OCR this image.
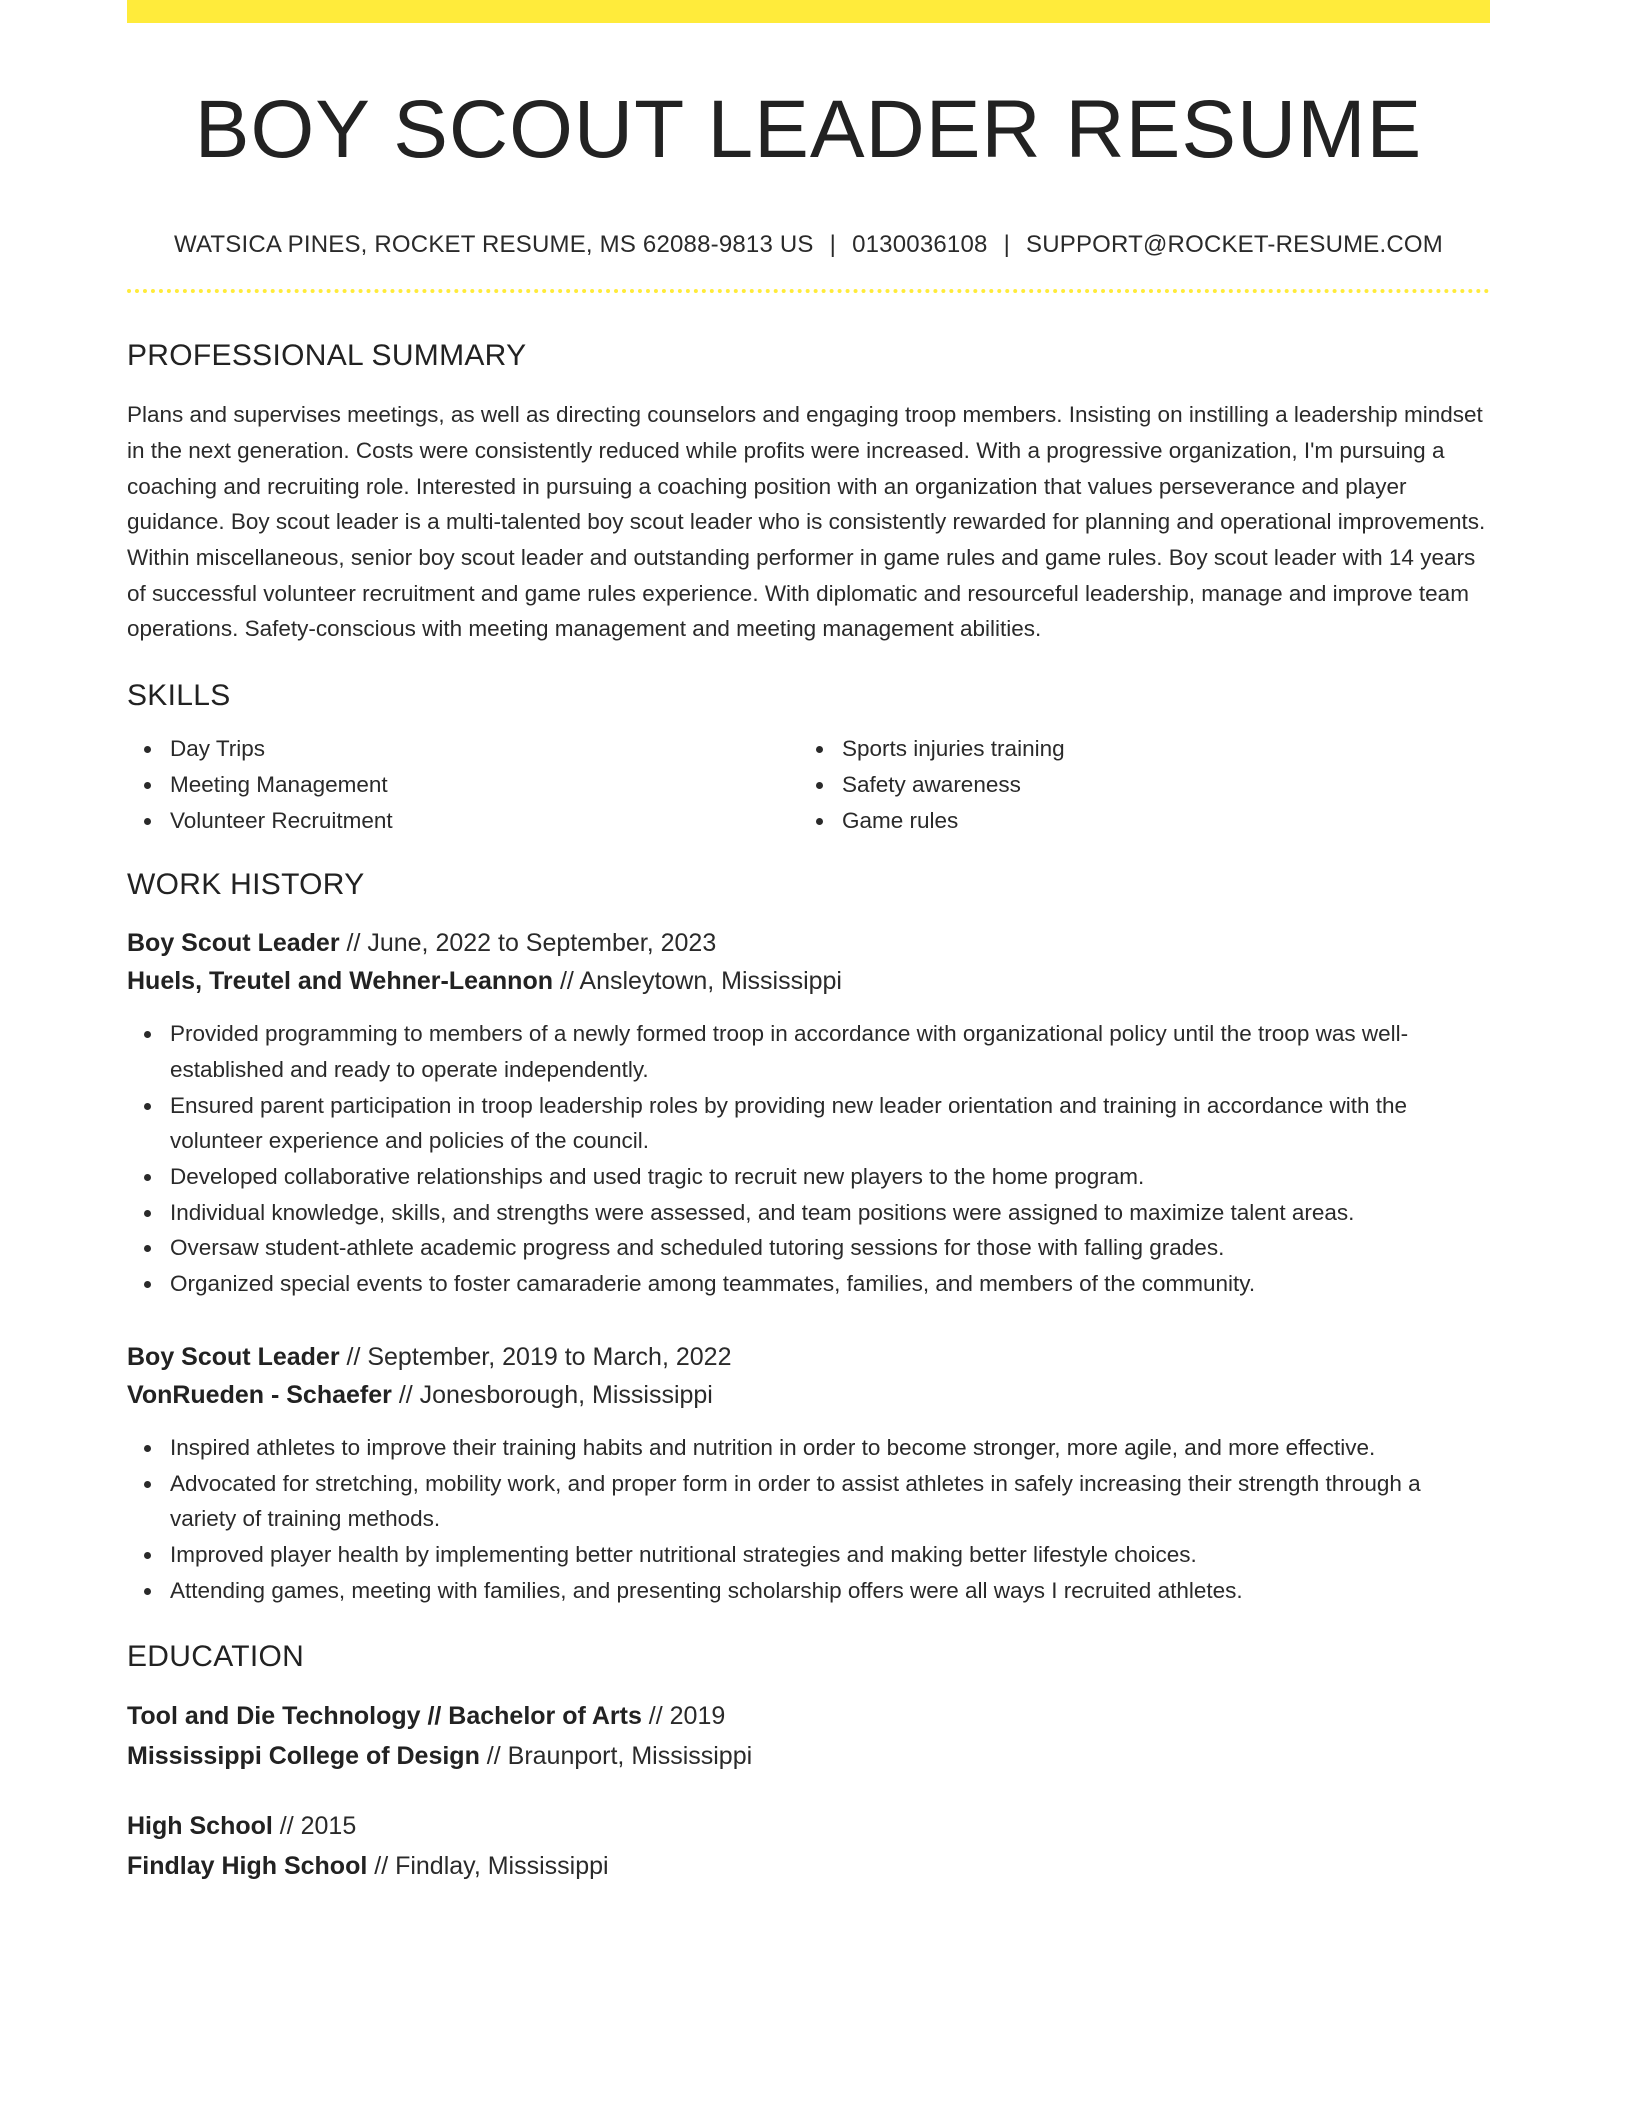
BOY SCOUT LEADER RESUME
WATSICA PINES, ROCKET RESUME, MS 62088-9813 US | 0130036108 | SUPPORT@ROCKET-RESUME.COM
PROFESSIONAL SUMMARY

Plans and supervises meetings, as well as directing counselors and engaging troop members. Insisting on instilling a leadership mindset in the next generation. Costs were consistently reduced while profits were increased. With a progressive organization, I'm pursuing a coaching and recruiting role. Interested in pursuing a coaching position with an organization that values perseverance and player guidance. Boy scout leader is a multi-talented boy scout leader who is consistently rewarded for planning and operational improvements. Within miscellaneous, senior boy scout leader and outstanding performer in game rules and game rules. Boy scout leader with 14 years of successful volunteer recruitment and game rules experience. With diplomatic and resourceful leadership, manage and improve team operations. Safety-conscious with meeting management and meeting management abilities.

SKILLS
Day Trips
Meeting Management
Volunteer Recruitment
Sports injuries training
Safety awareness
Game rules
WORK HISTORY
Boy Scout Leader // June, 2022 to September, 2023
Huels, Treutel and Wehner-Leannon // Ansleytown, Mississippi
Provided programming to members of a newly formed troop in accordance with organizational policy until the troop was well-established and ready to operate independently.
Ensured parent participation in troop leadership roles by providing new leader orientation and training in accordance with the volunteer experience and policies of the council.
Developed collaborative relationships and used tragic to recruit new players to the home program.
Individual knowledge, skills, and strengths were assessed, and team positions were assigned to maximize talent areas.
Oversaw student-athlete academic progress and scheduled tutoring sessions for those with falling grades.
Organized special events to foster camaraderie among teammates, families, and members of the community.
Boy Scout Leader // September, 2019 to March, 2022
VonRueden - Schaefer // Jonesborough, Mississippi
Inspired athletes to improve their training habits and nutrition in order to become stronger, more agile, and more effective.
Advocated for stretching, mobility work, and proper form in order to assist athletes in safely increasing their strength through a variety of training methods.
Improved player health by implementing better nutritional strategies and making better lifestyle choices.
Attending games, meeting with families, and presenting scholarship offers were all ways I recruited athletes.
EDUCATION
Tool and Die Technology // Bachelor of Arts // 2019
Mississippi College of Design // Braunport, Mississippi
High School // 2015
Findlay High School // Findlay, Mississippi
